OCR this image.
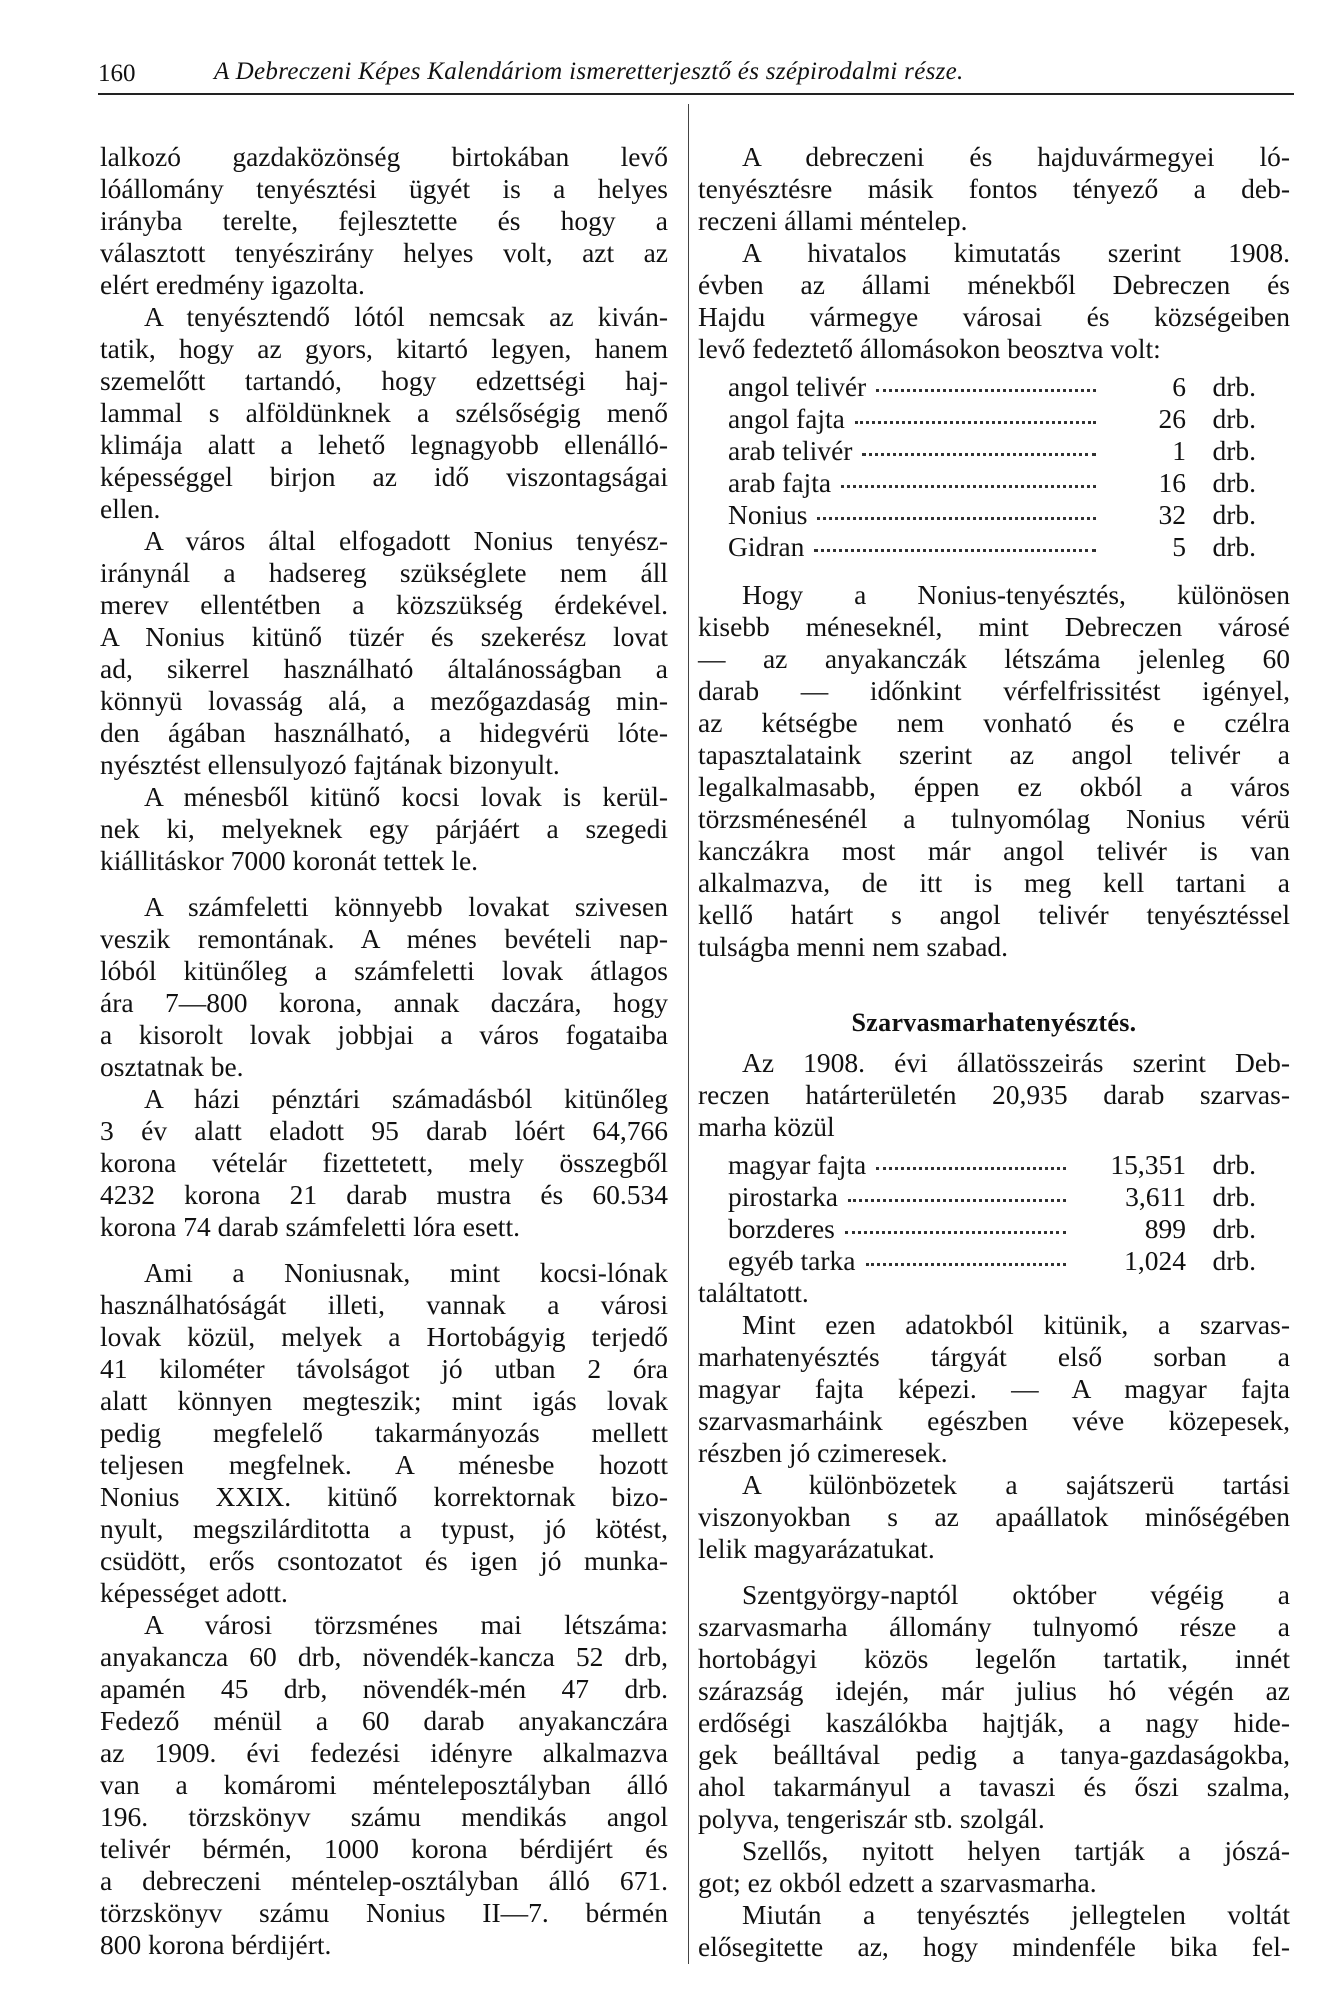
160	A Debreczeni Képes Kalendáriom ismeretterjesztő és szépirodalmi része.
lalkozó gazdaközönség birtokában levő
lóállomány tenyésztési ügyét is a helyes
irányba terelte, fejlesztette és hogy a
választott tenyészirány helyes volt, azt az
elért eredmény igazolta.
A tenyésztendő lótól nemcsak az kiván-
tatik, hogy az gyors, kitartó legyen, hanem
szemelőtt tartandó, hogy edzettségi haj-
lammal s alföldünknek a szélsőségig menő
klimája alatt a lehető legnagyobb ellenálló-
képességgel birjon az idő viszontagságai
ellen.
A város által elfogadott Nonius tenyész-
iránynál a hadsereg szükséglete nem áll
merev ellentétben a közszükség érdekével.
A Nonius kitünő tüzér és szekerész lovat
ad, sikerrel használható általánosságban a
könnyü lovasság alá, a mezőgazdaság min-
den ágában használható, a hidegvérü lóte-
nyésztést ellensulyozó fajtának bizonyult.
A ménesből kitünő kocsi lovak is kerül-
nek ki, melyeknek egy párjáért a szegedi
kiállitáskor 7000 koronát tettek le.
A számfeletti könnyebb lovakat szivesen
veszik remontának. A ménes bevételi nap-
lóból kitünőleg a számfeletti lovak átlagos
ára 7—800 korona, annak daczára, hogy
a kisorolt lovak jobbjai a város fogataiba
osztatnak be.
A házi pénztári számadásból kitünőleg
3 év alatt eladott 95 darab lóért 64,766
korona vételár fizettetett, mely összegből
4232 korona 21 darab mustra és 60.534
korona 74 darab számfeletti lóra esett.
Ami a Noniusnak, mint kocsi-lónak
használhatóságát illeti, vannak a városi
lovak közül, melyek a Hortobágyig terjedő
41 kilométer távolságot jó utban 2 óra
alatt könnyen megteszik; mint igás lovak
pedig megfelelő takarmányozás mellett
teljesen megfelnek. A ménesbe hozott
Nonius XXIX. kitünő korrektornak bizo-
nyult, megszilárditotta a typust, jó kötést,
csüdött, erős csontozatot és igen jó munka-
képességet adott.
A városi törzsménes mai létszáma:
anyakancza 60 drb, növendék-kancza 52 drb,
apamén 45 drb, növendék-mén 47 drb.
Fedező ménül a 60 darab anyakanczára
az 1909. évi fedezési idényre alkalmazva
van a komáromi ménteleposztályban álló
196. törzskönyv számu mendikás angol
telivér bérmén, 1000 korona bérdijért és
a debreczeni méntelep-osztályban álló 671.
törzskönyv számu Nonius II—7. bérmén
800 korona bérdijért.
A debreczeni és hajduvármegyei ló-
tenyésztésre másik fontos tényező a deb-
reczeni állami méntelep.
A hivatalos kimutatás szerint 1908.
évben az állami ménekből Debreczen és
Hajdu vármegye városai és községeiben
levő fedeztető állomásokon beosztva volt:
angol telivér	6 drb.
angol fajta	26 drb.
arab telivér	1 drb.
arab fajta	16 drb.
Nonius	32 drb.
Gidran	5 drb.
Hogy a Nonius-tenyésztés, különösen
kisebb méneseknél, mint Debreczen városé
— az anyakanczák létszáma jelenleg 60
darab — időnkint vérfelfrissitést igényel,
az kétségbe nem vonható és e czélra
tapasztalataink szerint az angol telivér a
legalkalmasabb, éppen ez okból a város
törzsménesénél a tulnyomólag Nonius vérü
kanczákra most már angol telivér is van
alkalmazva, de itt is meg kell tartani a
kellő határt s angol telivér tenyésztéssel
tulságba menni nem szabad.
Szarvasmarhatenyésztés.
Az 1908. évi állatösszeirás szerint Deb-
reczen határterületén 20,935 darab szarvas-
marha közül
magyar fajta	15,351 drb.
pirostarka	3,611 drb.
borzderes	899 drb.
egyéb tarka	1,024 drb.
találtatott.
Mint ezen adatokból kitünik, a szarvas-
marhatenyésztés tárgyát első sorban a
magyar fajta képezi. — A magyar fajta
szarvasmarháink egészben véve közepesek,
részben jó czimeresek.
A különbözetek a sajátszerü tartási
viszonyokban s az apaállatok minőségében
lelik magyarázatukat.
Szentgyörgy-naptól október végéig a
szarvasmarha állomány tulnyomó része a
hortobágyi közös legelőn tartatik, innét
szárazság idején, már julius hó végén az
erdőségi kaszálókba hajtják, a nagy hide-
gek beálltával pedig a tanya-gazdaságokba,
ahol takarmányul a tavaszi és őszi szalma,
polyva, tengeriszár stb. szolgál.
Szellős, nyitott helyen tartják a jószá-
got; ez okból edzett a szarvasmarha.
Miután a tenyésztés jellegtelen voltát
elősegitette az, hogy mindenféle bika fel-
